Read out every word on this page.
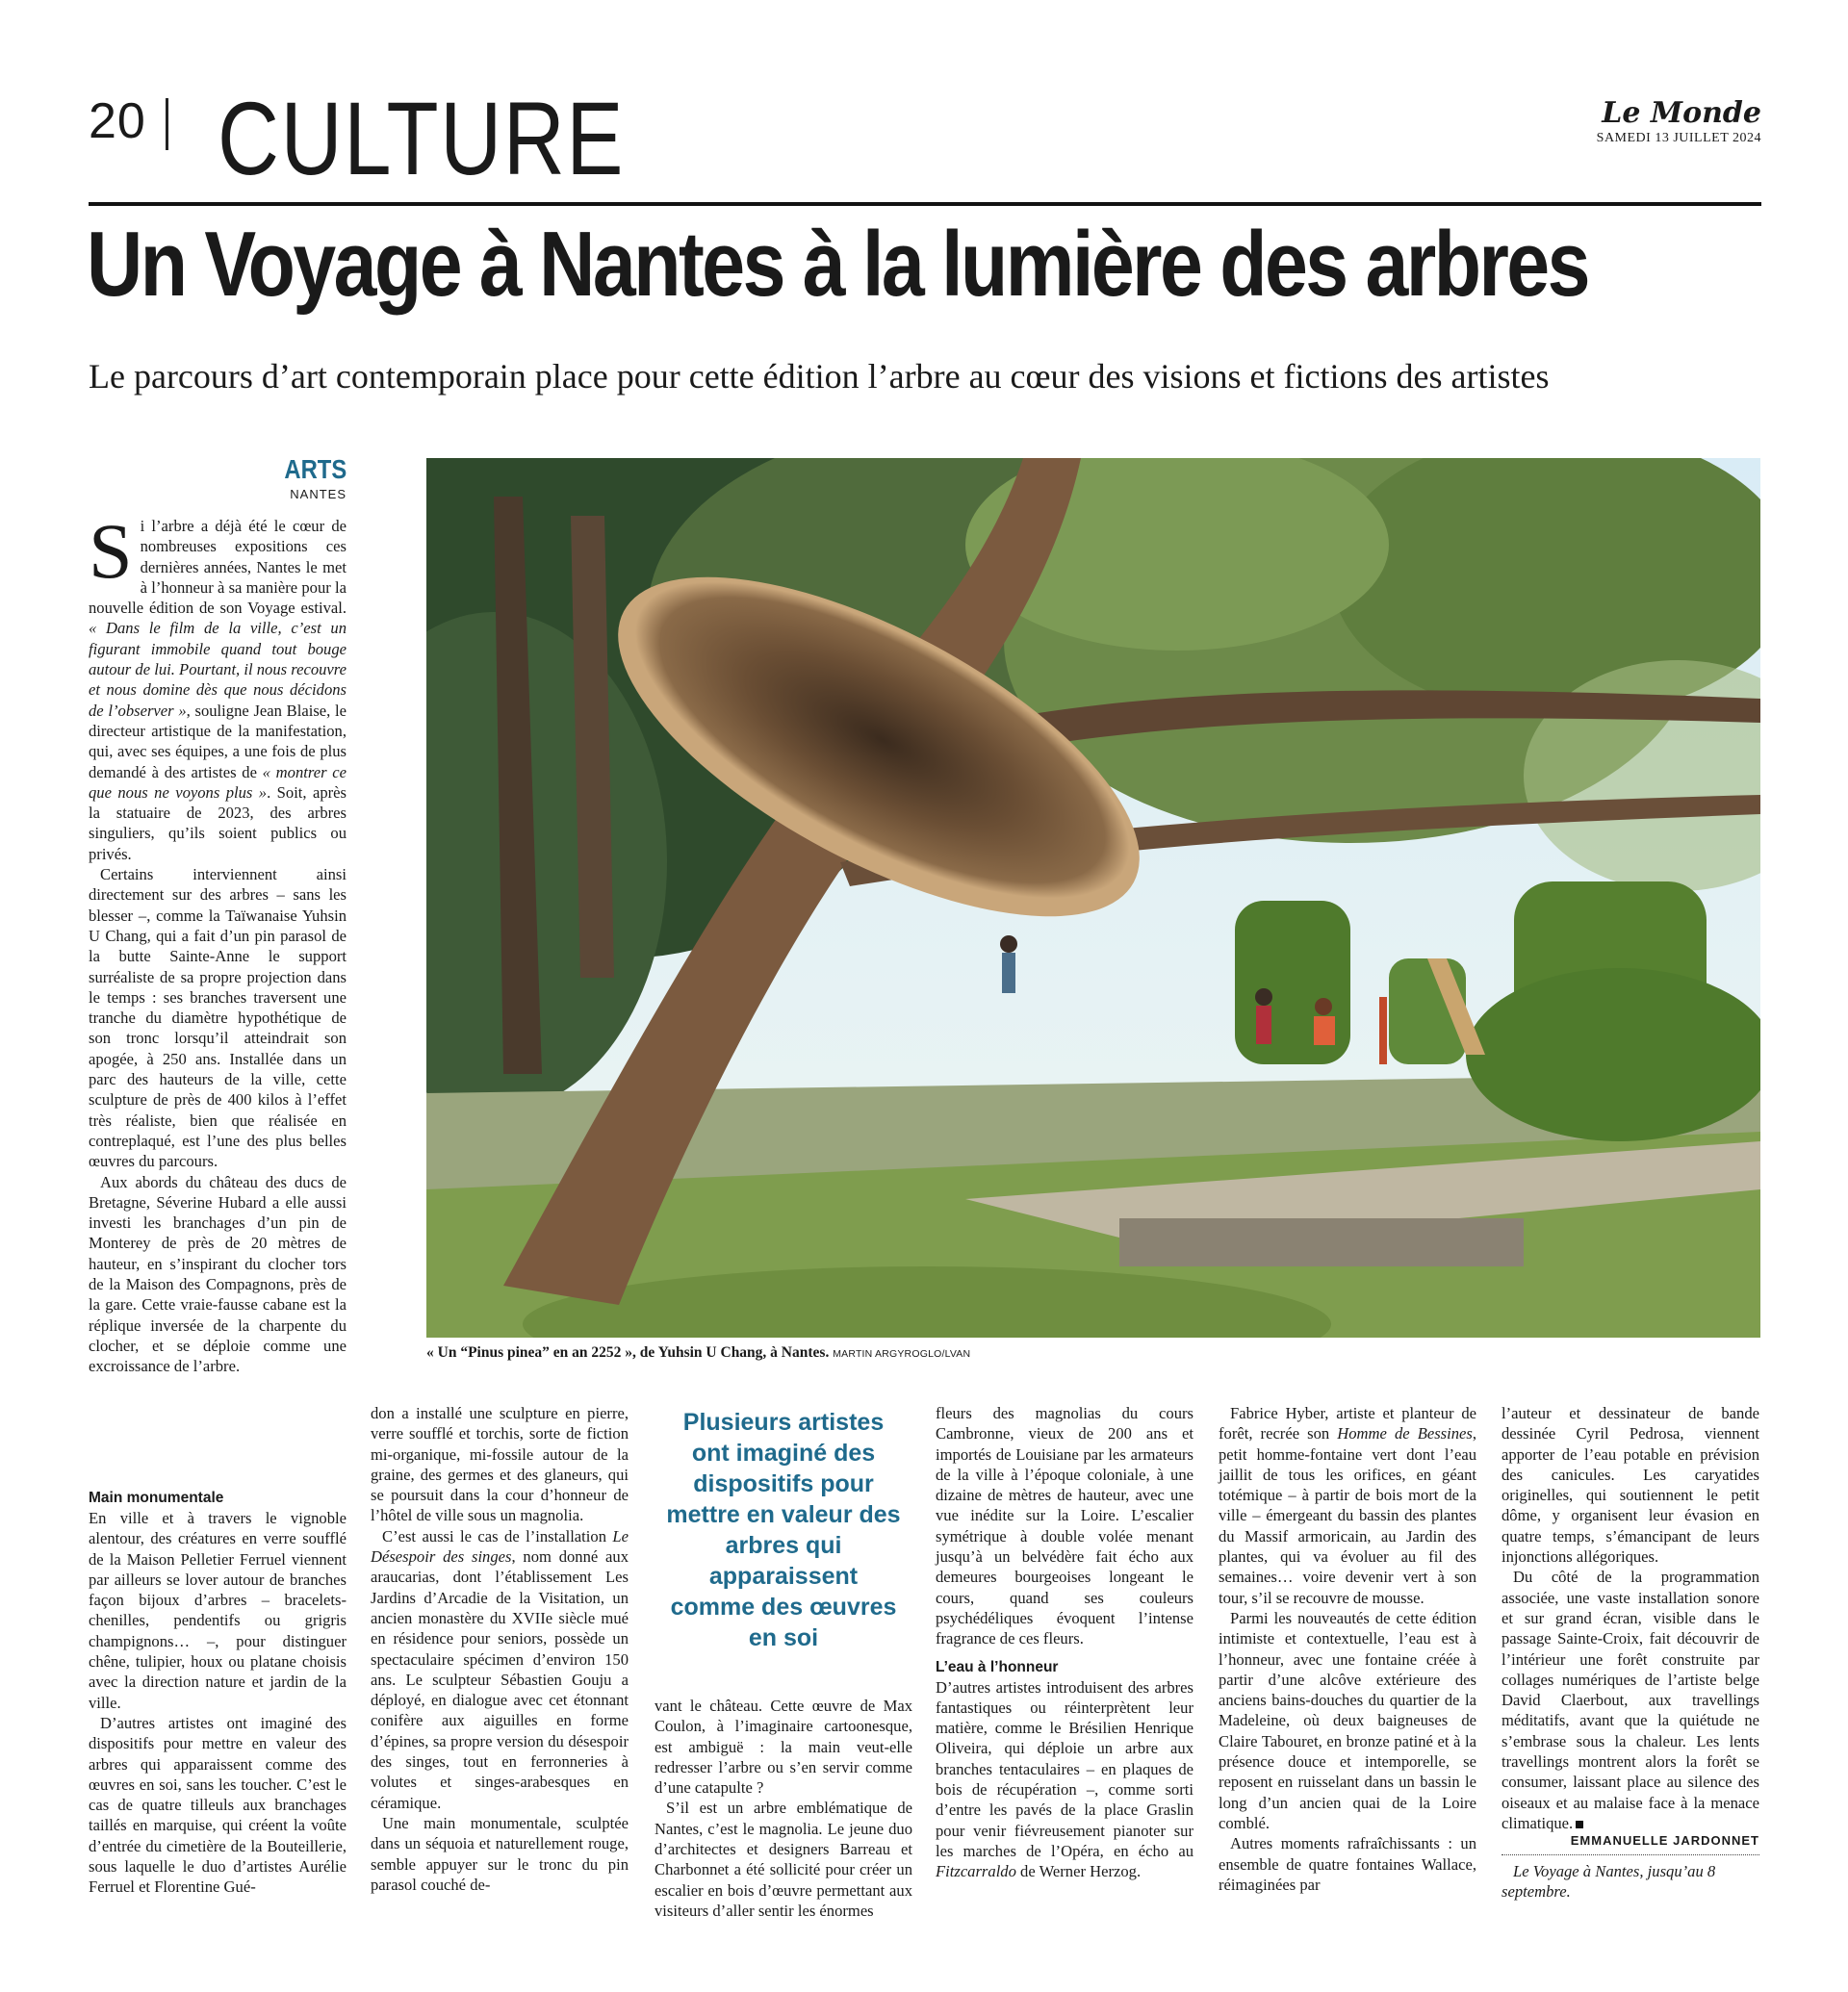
20 CULTURE	Le Monde
SAMEDI 13 JUILLET 2024
Un Voyage à Nantes à la lumière des arbres
Le parcours d’art contemporain place pour cette édition l’arbre au cœur des visions et fictions des artistes
ARTS
NANTES
« Un “Pinus pinea” en an 2252 », de Yuhsin U Chang, à Nantes. MARTIN ARGYROGLO/LVAN

Si l’arbre a déjà été le cœur de nombreuses expositions ces dernières années, Nantes le met à l’honneur à sa manière pour la nouvelle édition de son Voyage estival. « Dans le film de la ville, c’est un figurant immobile quand tout bouge autour de lui. Pourtant, il nous recouvre et nous domine dès que nous décidons de l’observer », souligne Jean Blaise, le directeur artistique de la manifestation, qui, avec ses équipes, a une fois de plus demandé à des artistes de « montrer ce que nous ne voyons plus ». Soit, après la statuaire de 2023, des arbres singuliers, qu’ils soient publics ou privés.

Certains interviennent ainsi directement sur des arbres – sans les blesser –, comme la Taïwanaise Yuhsin U Chang, qui a fait d’un pin parasol de la butte Sainte-Anne le support surréaliste de sa propre projection dans le temps : ses branches traversent une tranche du diamètre hypothétique de son tronc lorsqu’il atteindrait son apogée, à 250 ans. Installée dans un parc des hauteurs de la ville, cette sculpture de près de 400 kilos à l’effet très réaliste, bien que réalisée en contreplaqué, est l’une des plus belles œuvres du parcours.

Aux abords du château des ducs de Bretagne, Séverine Hubard a elle aussi investi les branchages d’un pin de Monterey de près de 20 mètres de hauteur, en s’inspirant du clocher tors de la Maison des Compagnons, près de la gare. Cette vraie-fausse cabane est la réplique inversée de la charpente du clocher, et se déploie comme une excroissance de l’arbre.

Main monumentale

En ville et à travers le vignoble alentour, des créatures en verre soufflé de la Maison Pelletier Ferruel viennent par ailleurs se lover autour de branches façon bijoux d’arbres – bracelets-chenilles, pendentifs ou grigris champignons… –, pour distinguer chêne, tulipier, houx ou platane choisis avec la direction nature et jardin de la ville.

D’autres artistes ont imaginé des dispositifs pour mettre en valeur des arbres qui apparaissent comme des œuvres en soi, sans les toucher. C’est le cas de quatre tilleuls aux branchages taillés en marquise, qui créent la voûte d’entrée du cimetière de la Bouteillerie, sous laquelle le duo d’artistes Aurélie Ferruel et Florentine Gué-

don a installé une sculpture en pierre, verre soufflé et torchis, sorte de fiction mi-organique, mi-fossile autour de la graine, des germes et des glaneurs, qui se poursuit dans la cour d’honneur de l’hôtel de ville sous un magnolia.

C’est aussi le cas de l’installation Le Désespoir des singes, nom donné aux araucarias, dont l’établissement Les Jardins d’Arcadie de la Visitation, un ancien monastère du XVIIe siècle mué en résidence pour seniors, possède un spectaculaire spécimen d’environ 150 ans. Le sculpteur Sébastien Gouju a déployé, en dialogue avec cet étonnant conifère aux aiguilles en forme d’épines, sa propre version du désespoir des singes, tout en ferronneries à volutes et singes-arabesques en céramique.

Une main monumentale, sculptée dans un séquoia et naturellement rouge, semble appuyer sur le tronc du pin parasol couché de-

Plusieurs artistes ont imaginé des dispositifs pour mettre en valeur des arbres qui apparaissent comme des œuvres en soi

vant le château. Cette œuvre de Max Coulon, à l’imaginaire cartoonesque, est ambiguë : la main veut-elle redresser l’arbre ou s’en servir comme d’une catapulte ?

S’il est un arbre emblématique de Nantes, c’est le magnolia. Le jeune duo d’architectes et designers Barreau et Charbonnet a été sollicité pour créer un escalier en bois d’œuvre permettant aux visiteurs d’aller sentir les énormes

fleurs des magnolias du cours Cambronne, vieux de 200 ans et importés de Louisiane par les armateurs de la ville à l’époque coloniale, à une dizaine de mètres de hauteur, avec une vue inédite sur la Loire. L’escalier symétrique à double volée menant jusqu’à un belvédère fait écho aux demeures bourgeoises longeant le cours, quand ses couleurs psychédéliques évoquent l’intense fragrance de ces fleurs.

L’eau à l’honneur

D’autres artistes introduisent des arbres fantastiques ou réinterprètent leur matière, comme le Brésilien Henrique Oliveira, qui déploie un arbre aux branches tentaculaires – en plaques de bois de récupération –, comme sorti d’entre les pavés de la place Graslin pour venir fiévreusement pianoter sur les marches de l’Opéra, en écho au Fitzcarraldo de Werner Herzog.

Fabrice Hyber, artiste et planteur de forêt, recrée son Homme de Bessines, petit homme-fontaine vert dont l’eau jaillit de tous les orifices, en géant totémique – à partir de bois mort de la ville – émergeant du bassin des plantes du Massif armoricain, au Jardin des plantes, qui va évoluer au fil des semaines… voire devenir vert à son tour, s’il se recouvre de mousse.

Parmi les nouveautés de cette édition intimiste et contextuelle, l’eau est à l’honneur, avec une fontaine créée à partir d’une alcôve extérieure des anciens bains-douches du quartier de la Madeleine, où deux baigneuses de Claire Tabouret, en bronze patiné et à la présence douce et intemporelle, se reposent en ruisselant dans un bassin le long d’un ancien quai de la Loire comblé.

Autres moments rafraîchissants : un ensemble de quatre fontaines Wallace, réimaginées par

l’auteur et dessinateur de bande dessinée Cyril Pedrosa, viennent apporter de l’eau potable en prévision des canicules. Les caryatides originelles, qui soutiennent le petit dôme, y organisent leur évasion en quatre temps, s’émancipant de leurs injonctions allégoriques.

Du côté de la programmation associée, une vaste installation sonore et sur grand écran, visible dans le passage Sainte-Croix, fait découvrir de l’intérieur une forêt construite par collages numériques de l’artiste belge David Claerbout, aux travellings méditatifs, avant que la quiétude ne s’embrase sous la chaleur. Les lents travellings montrent alors la forêt se consumer, laissant place au silence des oiseaux et au malaise face à la menace climatique.

EMMANUELLE JARDONNET

Le Voyage à Nantes, jusqu’au 8 septembre.
